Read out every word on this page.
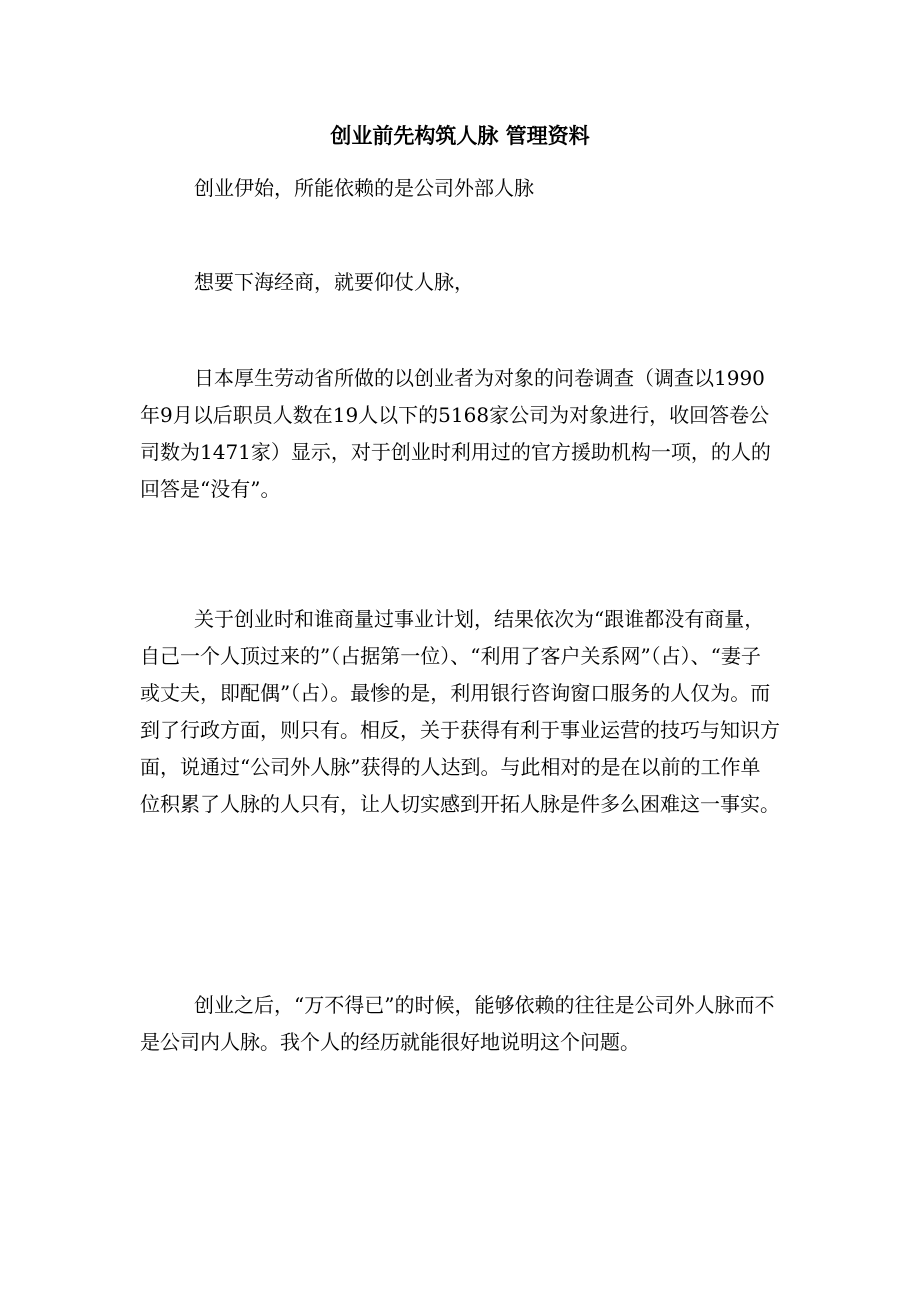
创业前先构筑人脉 管理资料

创业伊始，所能依赖的是公司外部人脉

想要下海经商，就要仰仗人脉，

日本厚生劳动省所做的以创业者为对象的问卷调查（调查以1990年9月以后职员人数在19人以下的5168家公司为对象进行，收回答卷公司数为1471家）显示，对于创业时利用过的官方援助机构一项，的人的回答是“没有”。

关于创业时和谁商量过事业计划，结果依次为“跟谁都没有商量，自己一个人顶过来的”（占据第一位）、“利用了客户关系网”（占）、“妻子或丈夫，即配偶”（占）。最惨的是，利用银行咨询窗口服务的人仅为。而到了行政方面，则只有。相反，关于获得有利于事业运营的技巧与知识方面，说通过“公司外人脉”获得的人达到。与此相对的是在以前的工作单位积累了人脉的人只有，让人切实感到开拓人脉是件多么困难这一事实。

创业之后，“万不得已”的时候，能够依赖的往往是公司外人脉而不是公司内人脉。我个人的经历就能很好地说明这个问题。
